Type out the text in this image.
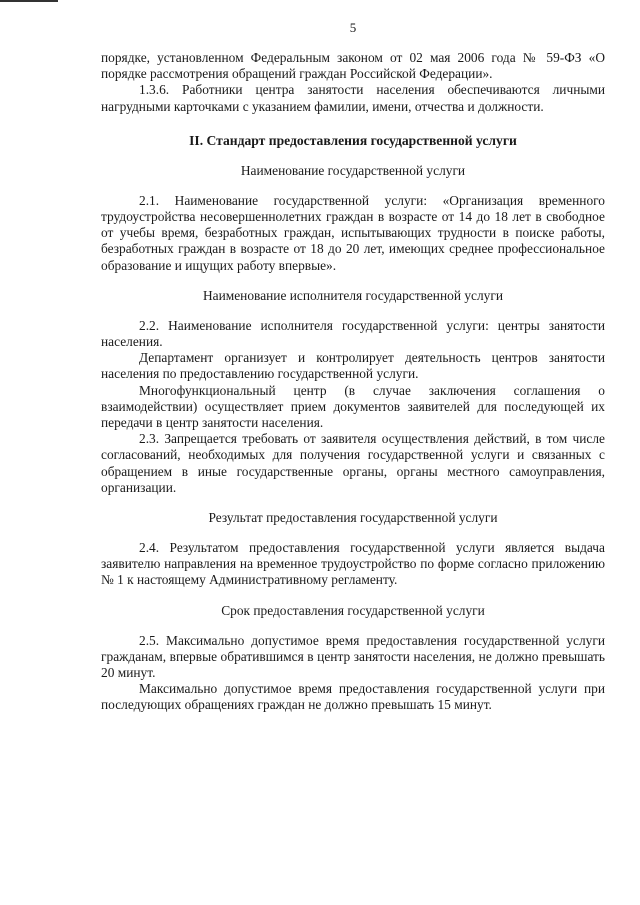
5

порядке, установленном Федеральным законом от 02 мая 2006 года № 59-ФЗ «О порядке рассмотрения обращений граждан Российской Федерации».

1.3.6. Работники центра занятости населения обеспечиваются личными нагрудными карточками с указанием фамилии, имени, отчества и должности.

II. Стандарт предоставления государственной услуги
Наименование государственной услуги

2.1. Наименование государственной услуги: «Организация временного трудоустройства несовершеннолетних граждан в возрасте от 14 до 18 лет в свободное от учебы время, безработных граждан, испытывающих трудности в поиске работы, безработных граждан в возрасте от 18 до 20 лет, имеющих среднее профессиональное образование и ищущих работу впервые».

Наименование исполнителя государственной услуги

2.2. Наименование исполнителя государственной услуги: центры занятости населения.

Департамент организует и контролирует деятельность центров занятости населения по предоставлению государственной услуги.

Многофункциональный центр (в случае заключения соглашения о взаимодействии) осуществляет прием документов заявителей для последующей их передачи в центр занятости населения.

2.3. Запрещается требовать от заявителя осуществления действий, в том числе согласований, необходимых для получения государственной услуги и связанных с обращением в иные государственные органы, органы местного самоуправления, организации.

Результат предоставления государственной услуги

2.4. Результатом предоставления государственной услуги является выдача заявителю направления на временное трудоустройство по форме согласно приложению № 1 к настоящему Административному регламенту.

Срок предоставления государственной услуги

2.5. Максимально допустимое время предоставления государственной услуги гражданам, впервые обратившимся в центр занятости населения, не должно превышать 20 минут.

Максимально допустимое время предоставления государственной услуги при последующих обращениях граждан не должно превышать 15 минут.
